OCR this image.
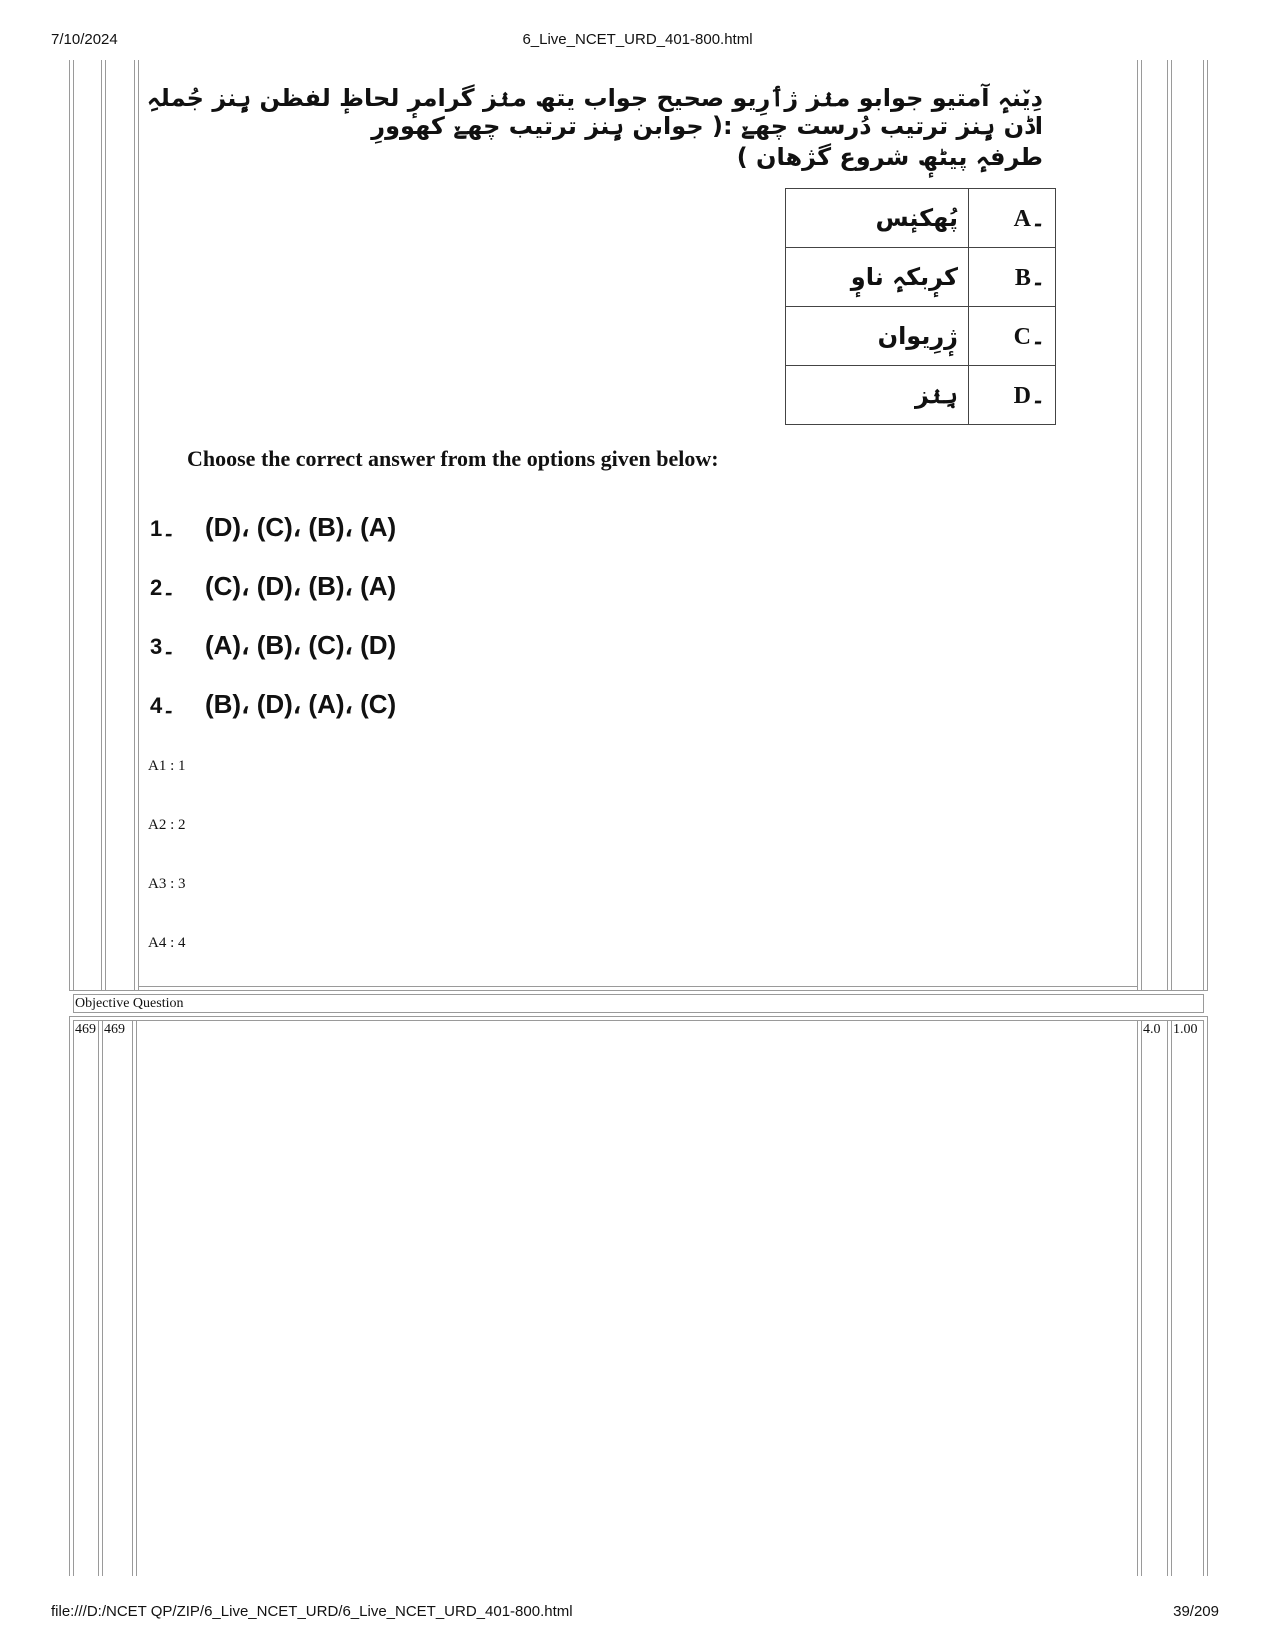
7/10/2024	6_Live_NCET_URD_401-800.html
file:///D:/NCET QP/ZIP/6_Live_NCET_URD/6_Live_NCET_URD_401-800.html	39/209
دِیٚنہٕ آمتیو جوابو منٛز ژٲرِیو صحیح جواب یتھ منٛز گرامرٕ لحاظٕ لفظن ہٕنز جُملہِ اڈن ہٕنز ترتیب دُرست چھےٚ :( جوابن ہٕنز ترتیب چھےٚ کھوورِ
طرفہٕ پیٹھٕ شروع گژھان )
پُھکنٕس	A۔
کرٕبکہٕ ناوٕ	B۔
ژٕرِیوان	C۔
ہِنٛز	D۔
Choose the correct answer from the options given below:
1۔ (D)، (C)، (B)، (A)
2۔ (C)، (D)، (B)، (A)
3۔ (A)، (B)، (C)، (D)
4۔ (B)، (D)، (A)، (C)
A1 : 1
A2 : 2
A3 : 3
A4 : 4
Objective Question
469 469	4.0 1.00
